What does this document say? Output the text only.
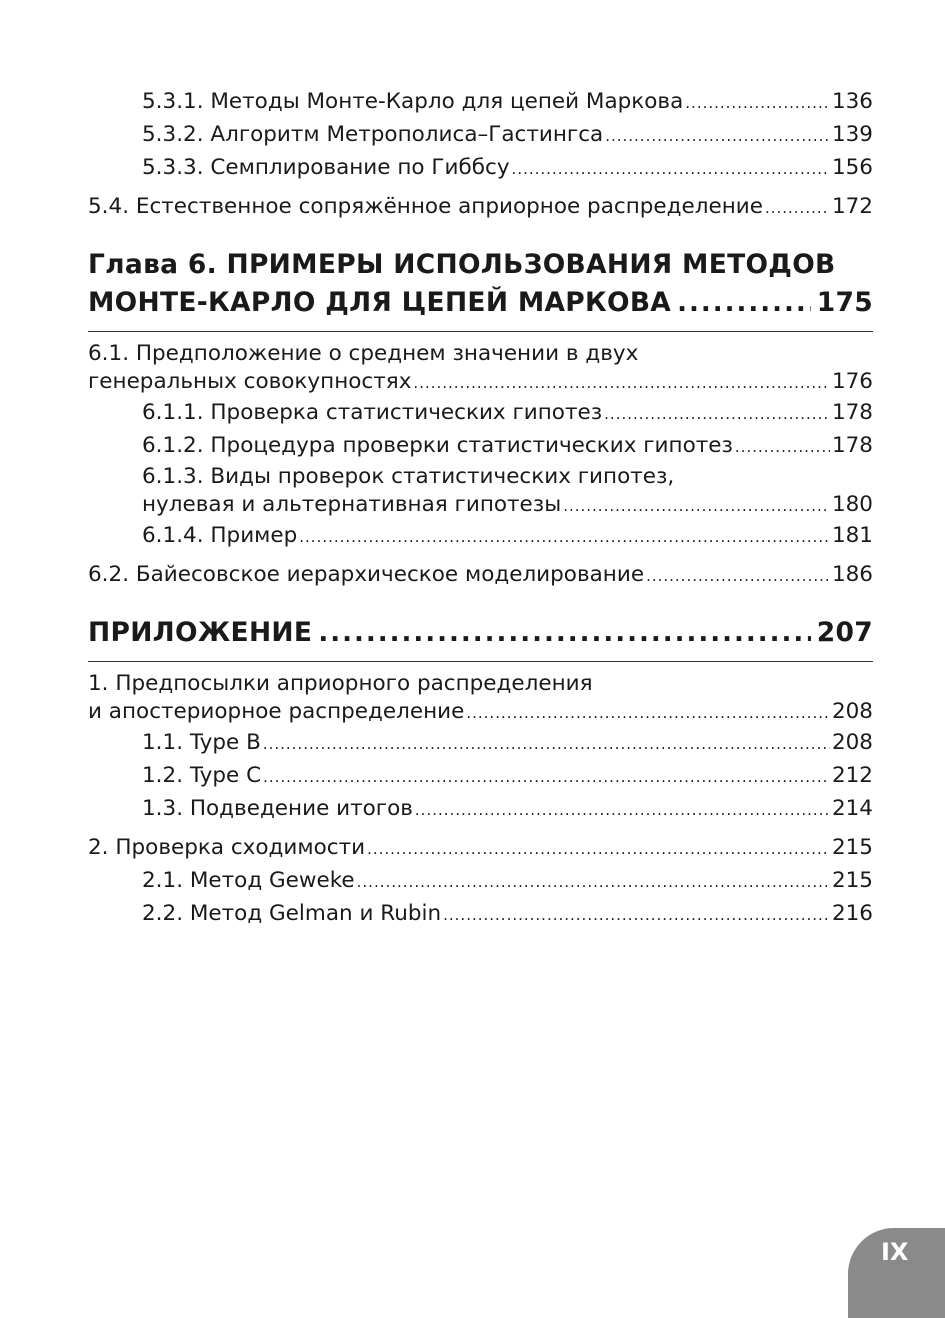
5.3.1. Методы Монте-Карло для цепей Маркова .....	136
5.3.2. Алгоритм Метрополиса–Гастингса .....	139
5.3.3. Семплирование по Гиббсу .....	156
5.4. Естественное сопряжённое априорное распределение .....	172
Глава 6. ПРИМЕРЫ ИСПОЛЬЗОВАНИЯ МЕТОДОВ
МОНТЕ-КАРЛО ДЛЯ ЦЕПЕЙ МАРКОВА .....	175
6.1. Предположение о среднем значении в двух
генеральных совокупностях .....	176
6.1.1. Проверка статистических гипотез .....	178
6.1.2. Процедура проверки статистических гипотез .....	178
6.1.3. Виды проверок статистических гипотез,
нулевая и альтернативная гипотезы .....	180
6.1.4. Пример .....	181
6.2. Байесовское иерархическое моделирование .....	186
ПРИЛОЖЕНИЕ .....	207
1. Предпосылки априорного распределения
и апостериорное распределение .....	208
1.1. Type B .....	208
1.2. Type C .....	212
1.3. Подведение итогов .....	214
2. Проверка сходимости .....	215
2.1. Метод Geweke .....	215
2.2. Метод Gelman и Rubin .....	216
IX
